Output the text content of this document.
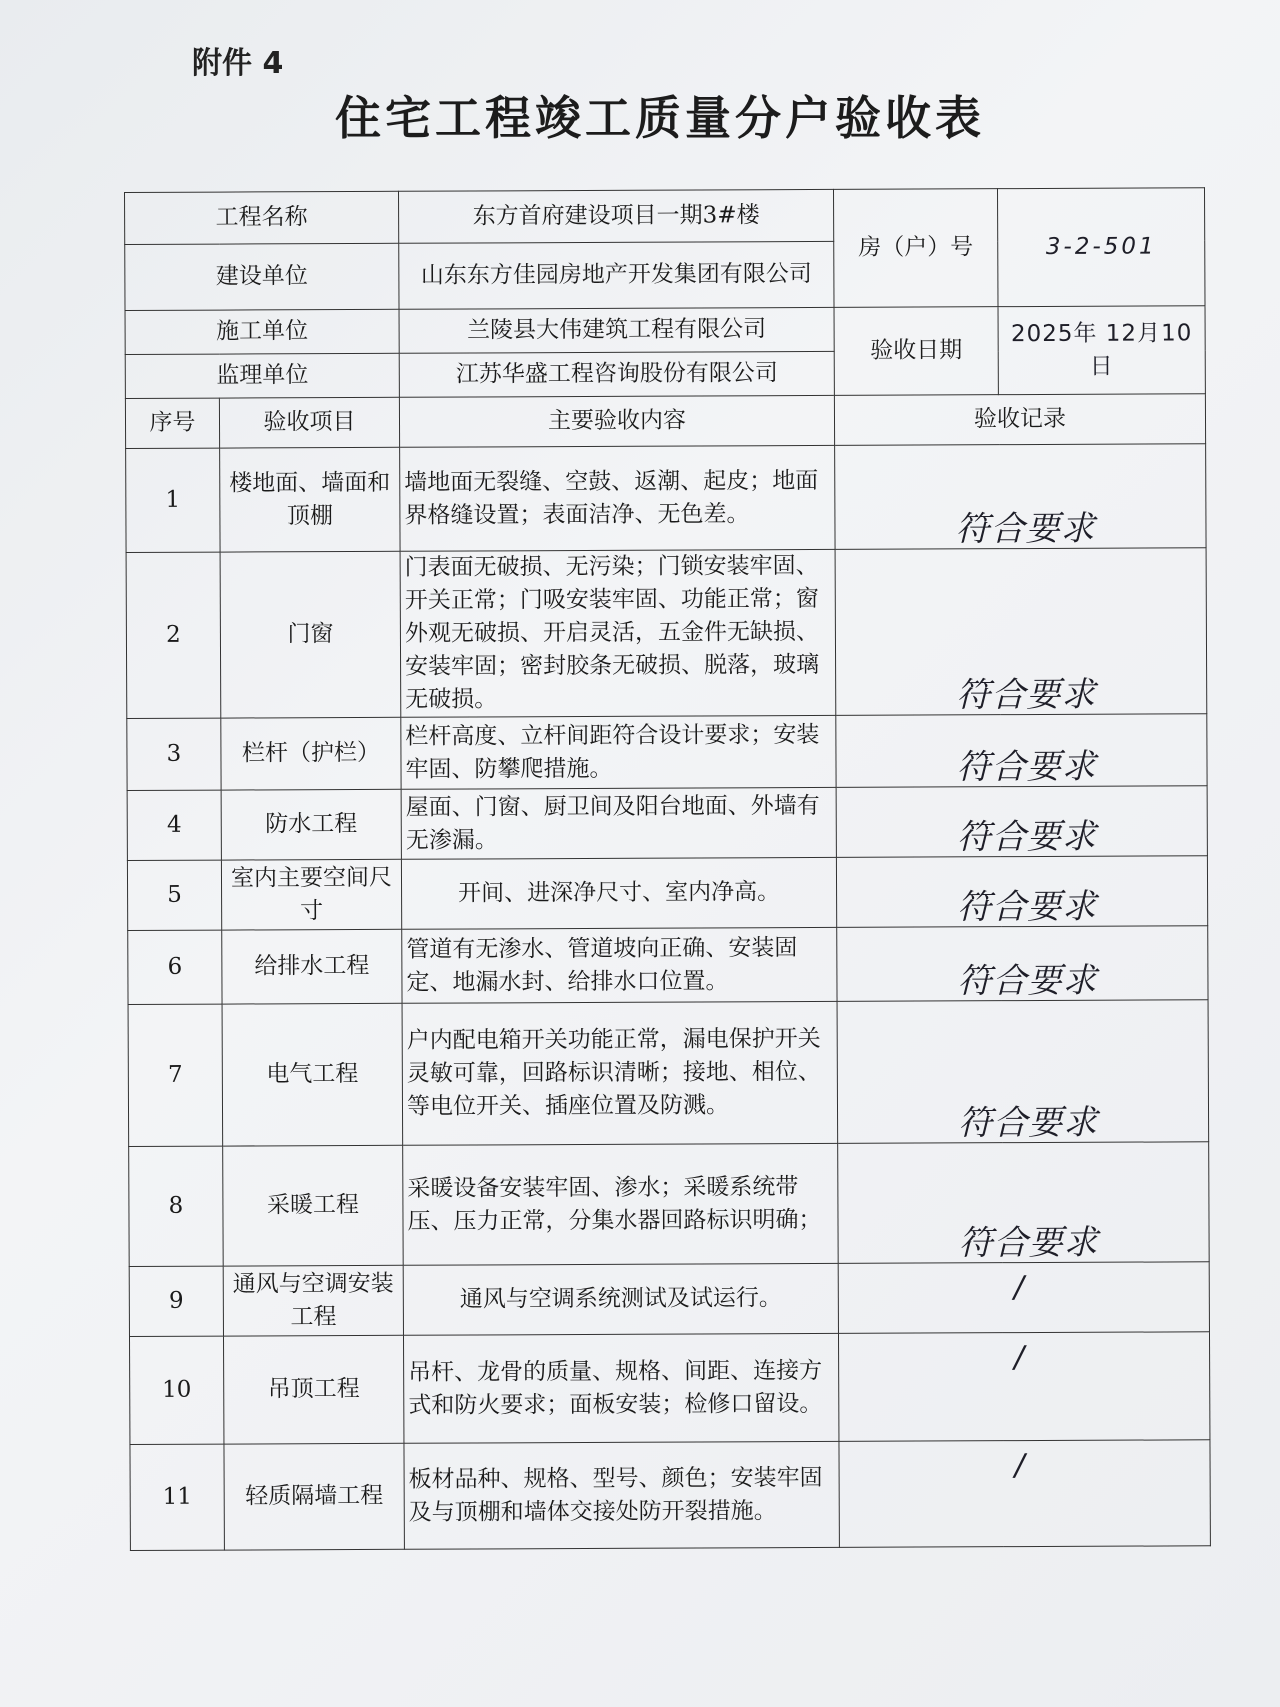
附件 4
住宅工程竣工质量分户验收表
工程名称		东方首府建设项目一期3#楼	房（户）号	3-2-501
建设单位		山东东方佳园房地产开发集团有限公司		
施工单位		兰陵县大伟建筑工程有限公司	验收日期	2025年 12月10 日
监理单位		江苏华盛工程咨询股份有限公司		
序号	验收项目	主要验收内容	验收记录	
1	楼地面、墙面和顶棚	墙地面无裂缝、空鼓、返潮、起皮；地面界格缝设置；表面洁净、无色差。	符合要求	

2	门窗	门表面无破损、无污染；门锁安装牢固、开关正常；门吸安装牢固、功能正常；窗外观无破损、开启灵活，五金件无缺损、 安装牢固；密封胶条无破损、脱落，玻璃无破损。	符合要求	

3	栏杆（护栏）	栏杆高度、立杆间距符合设计要求；安装牢固、防攀爬措施。	符合要求	

4	防水工程	屋面、门窗、厨卫间及阳台地面、外墙有无渗漏。	符合要求	

5	室内主要空间尺寸	开间、进深净尺寸、室内净高。	符合要求	

6	给排水工程	管道有无渗水、管道坡向正确、安装固定、地漏水封、给排水口位置。	符合要求	

7	电气工程	户内配电箱开关功能正常，漏电保护开关灵敏可靠，回路标识清晰；接地、相位、等电位开关、插座位置及防溅。	符合要求	

8	采暖工程	采暖设备安装牢固、渗水；采暖系统带压、压力正常，分集水器回路标识明确；	符合要求	

9	通风与空调安装工程	通风与空调系统测试及试运行。	/	

10	吊顶工程	吊杆、龙骨的质量、规格、间距、连接方式和防火要求；面板安装；检修口留设。	/	

11	轻质隔墙工程	板材品种、规格、型号、颜色；安装牢固及与顶棚和墙体交接处防开裂措施。	/	
